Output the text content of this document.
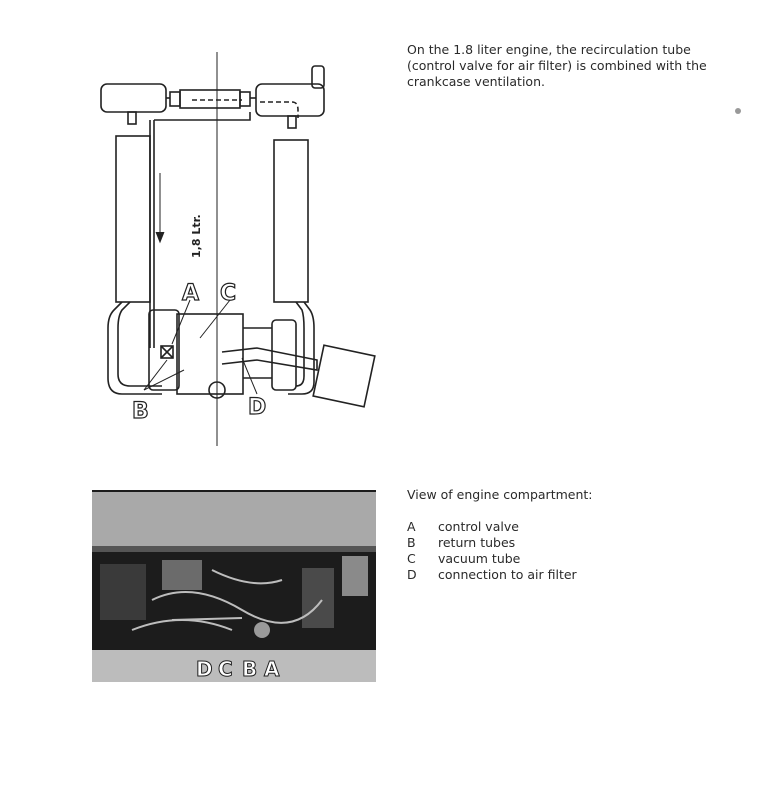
1,8 Ltr.
A C
B	D
On the 1.8 liter engine, the recirculation tube (control valve for air filter) is combined with the crankcase ventilation.
D C B A
View of engine compartment:
A	control valve
B	return tubes
C	vacuum tube
D	connection to air filter
